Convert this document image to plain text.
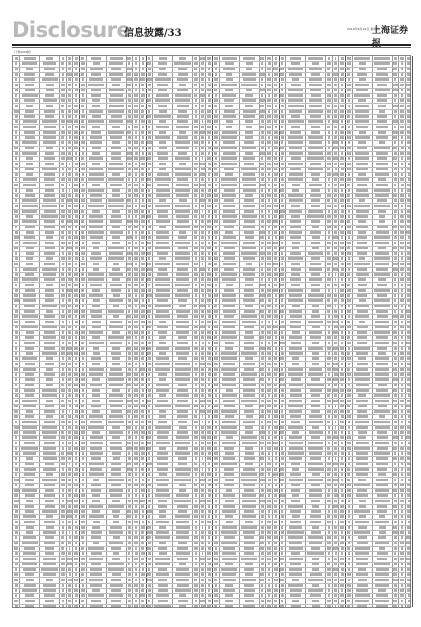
Disclosure
信息披露/33	2010年8月19日 星期四
上海证券
（下转A34版）
